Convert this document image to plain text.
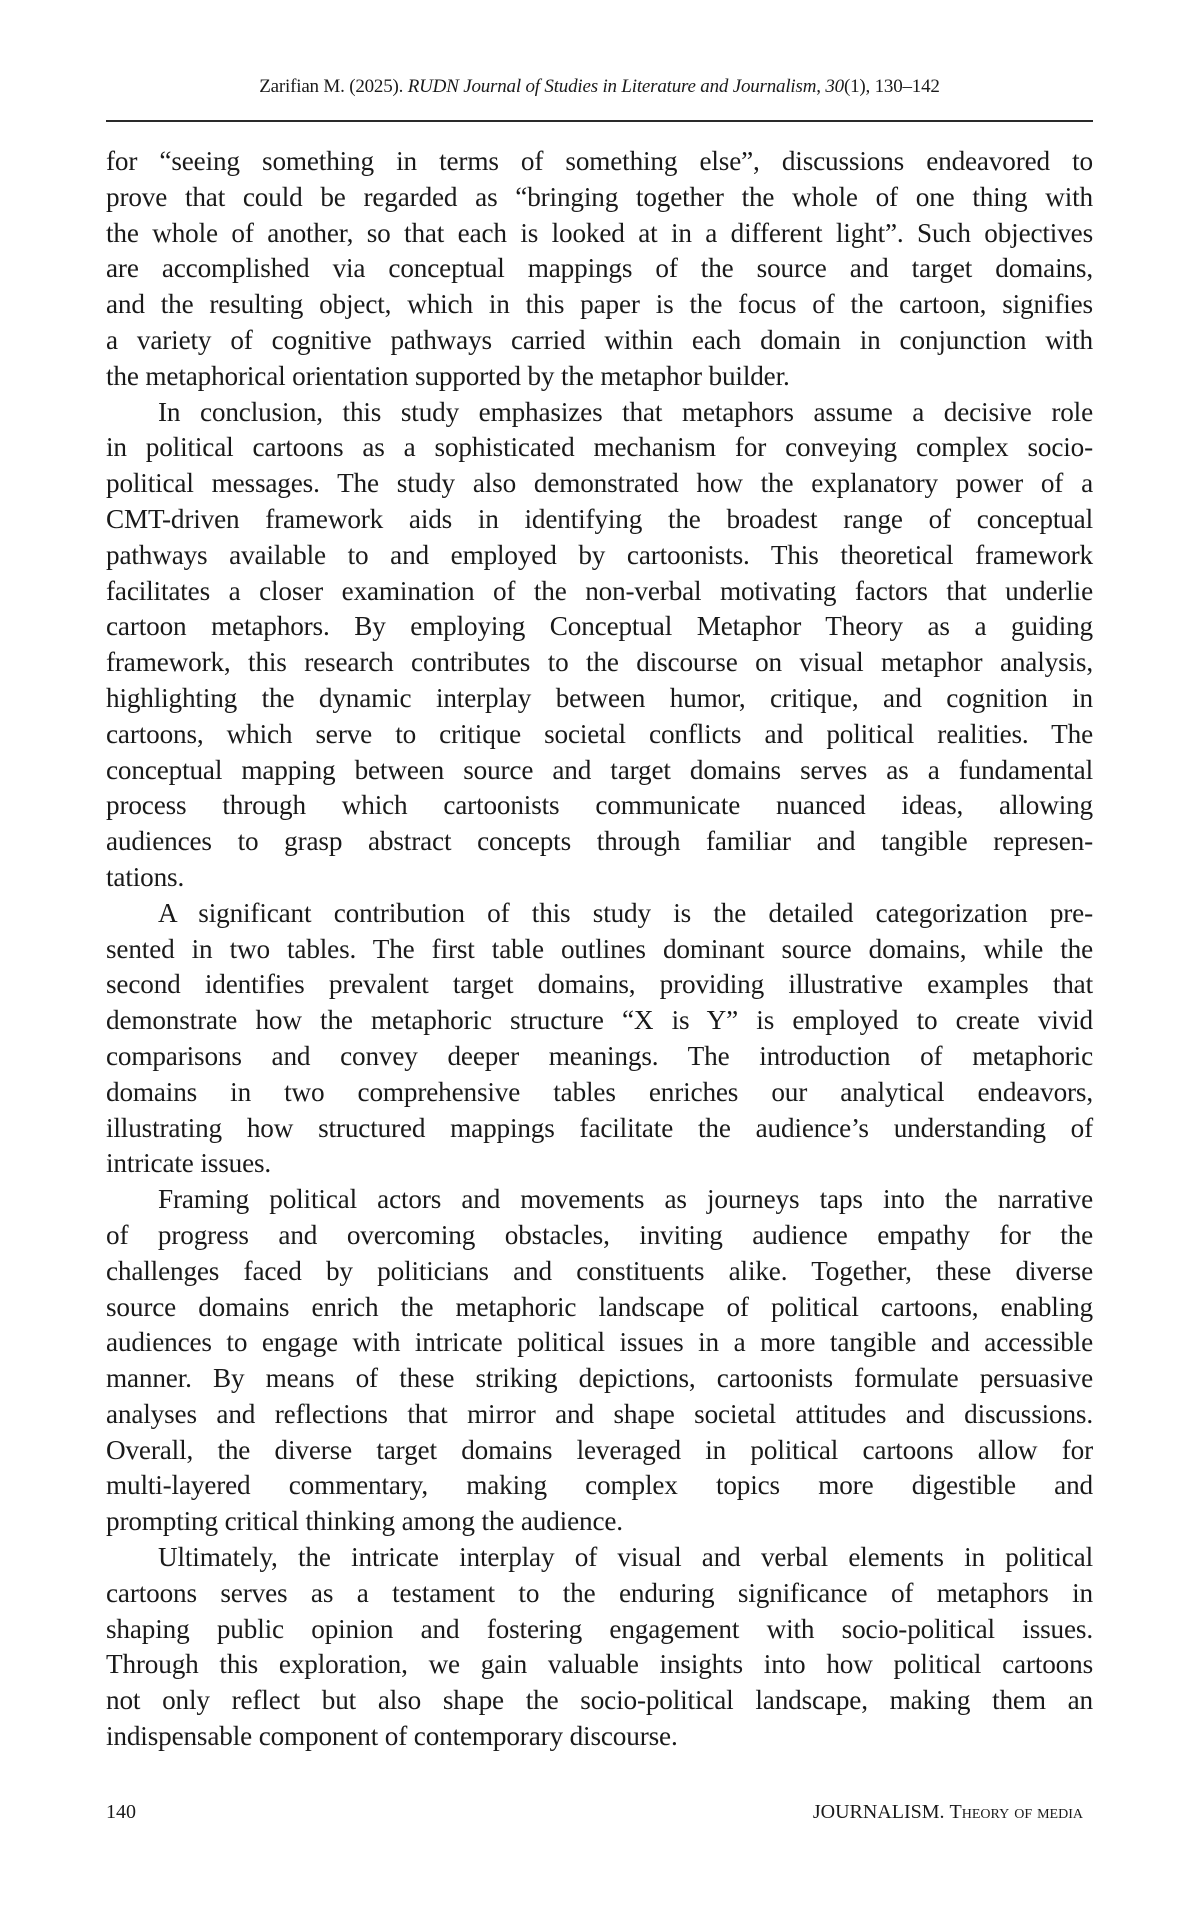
Zarifian M. (2025). RUDN Journal of Studies in Literature and Journalism, 30(1), 130–142
for “seeing something in terms of something else”, discussions endeavored to
prove that could be regarded as “bringing together the whole of one thing with
the whole of another, so that each is looked at in a different light”. Such objectives
are accomplished via conceptual mappings of the source and target domains,
and the resulting object, which in this paper is the focus of the cartoon, signifies
a variety of cognitive pathways carried within each domain in conjunction with
the metaphorical orientation supported by the metaphor builder.
In conclusion, this study emphasizes that metaphors assume a decisive role
in political cartoons as a sophisticated mechanism for conveying complex socio-
political messages. The study also demonstrated how the explanatory power of a
CMT-driven framework aids in identifying the broadest range of conceptual
pathways available to and employed by cartoonists. This theoretical framework
facilitates a closer examination of the non-verbal motivating factors that underlie
cartoon metaphors. By employing Conceptual Metaphor Theory as a guiding
framework, this research contributes to the discourse on visual metaphor analysis,
highlighting the dynamic interplay between humor, critique, and cognition in
cartoons, which serve to critique societal conflicts and political realities. The
conceptual mapping between source and target domains serves as a fundamental
process through which cartoonists communicate nuanced ideas, allowing
audiences to grasp abstract concepts through familiar and tangible represen-
tations.
A significant contribution of this study is the detailed categorization pre-
sented in two tables. The first table outlines dominant source domains, while the
second identifies prevalent target domains, providing illustrative examples that
demonstrate how the metaphoric structure “X is Y” is employed to create vivid
comparisons and convey deeper meanings. The introduction of metaphoric
domains in two comprehensive tables enriches our analytical endeavors,
illustrating how structured mappings facilitate the audience’s understanding of
intricate issues.
Framing political actors and movements as journeys taps into the narrative
of progress and overcoming obstacles, inviting audience empathy for the
challenges faced by politicians and constituents alike. Together, these diverse
source domains enrich the metaphoric landscape of political cartoons, enabling
audiences to engage with intricate political issues in a more tangible and accessible
manner. By means of these striking depictions, cartoonists formulate persuasive
analyses and reflections that mirror and shape societal attitudes and discussions.
Overall, the diverse target domains leveraged in political cartoons allow for
multi-layered commentary, making complex topics more digestible and
prompting critical thinking among the audience.
Ultimately, the intricate interplay of visual and verbal elements in political
cartoons serves as a testament to the enduring significance of metaphors in
shaping public opinion and fostering engagement with socio-political issues.
Through this exploration, we gain valuable insights into how political cartoons
not only reflect but also shape the socio-political landscape, making them an
indispensable component of contemporary discourse.
140	JOURNALISM. Theory of media
